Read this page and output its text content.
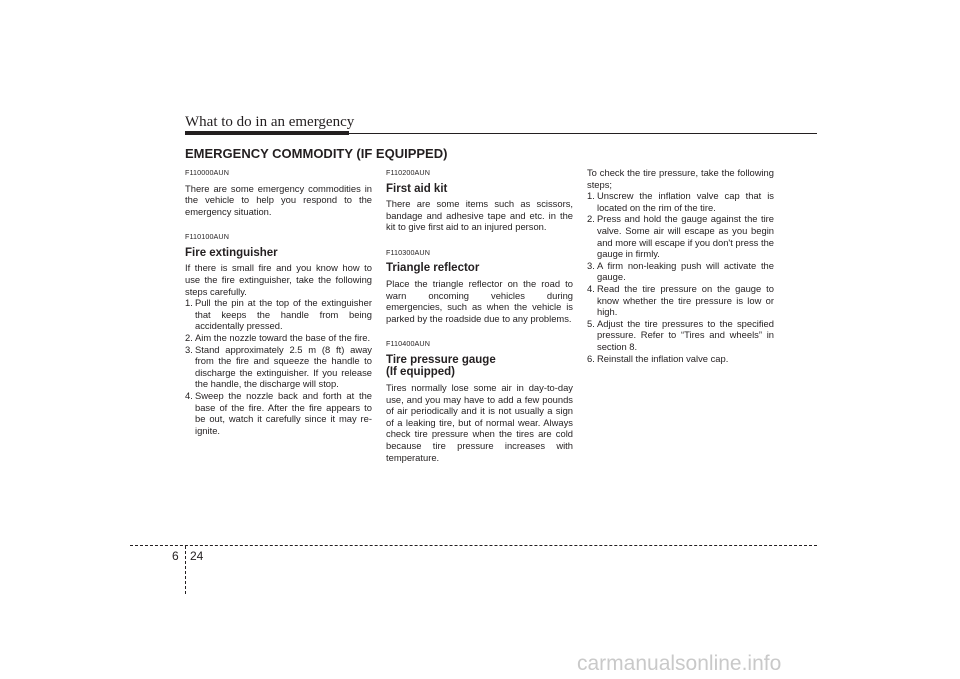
What to do in an emergency
EMERGENCY COMMODITY (IF EQUIPPED)
F110000AUN

There are some emergency commodities in the vehicle to help you respond to the emergency situation.

F110100AUN
Fire extinguisher

If there is small fire and you know how to use the fire extinguisher, take the following steps carefully.

1. Pull the pin at the top of the extinguisher that keeps the handle from being accidentally pressed.
2. Aim the nozzle toward the base of the fire.
3. Stand approximately 2.5 m (8 ft) away from the fire and squeeze the handle to discharge the extinguisher. If you release the handle, the discharge will stop.
4. Sweep the nozzle back and forth at the base of the fire. After the fire appears to be out, watch it carefully since it may re-ignite.
F110200AUN
First aid kit

There are some items such as scissors, bandage and adhesive tape and etc. in the kit to give first aid to an injured person.

F110300AUN
Triangle reflector

Place the triangle reflector on the road to warn oncoming vehicles during emergencies, such as when the vehicle is parked by the roadside due to any problems.

F110400AUN
Tire pressure gauge
(If equipped)

Tires normally lose some air in day-to-day use, and you may have to add a few pounds of air periodically and it is not usually a sign of a leaking tire, but of normal wear. Always check tire pressure when the tires are cold because tire pressure increases with temperature.

To check the tire pressure, take the following steps;

1. Unscrew the inflation valve cap that is located on the rim of the tire.
2. Press and hold the gauge against the tire valve. Some air will escape as you begin and more will escape if you don't press the gauge in firmly.
3. A firm non-leaking push will activate the gauge.
4. Read the tire pressure on the gauge to know whether the tire pressure is low or high.
5. Adjust the tire pressures to the specified pressure. Refer to “Tires and wheels” in section 8.
6. Reinstall the inflation valve cap.
6 24
carmanualsonline.info
